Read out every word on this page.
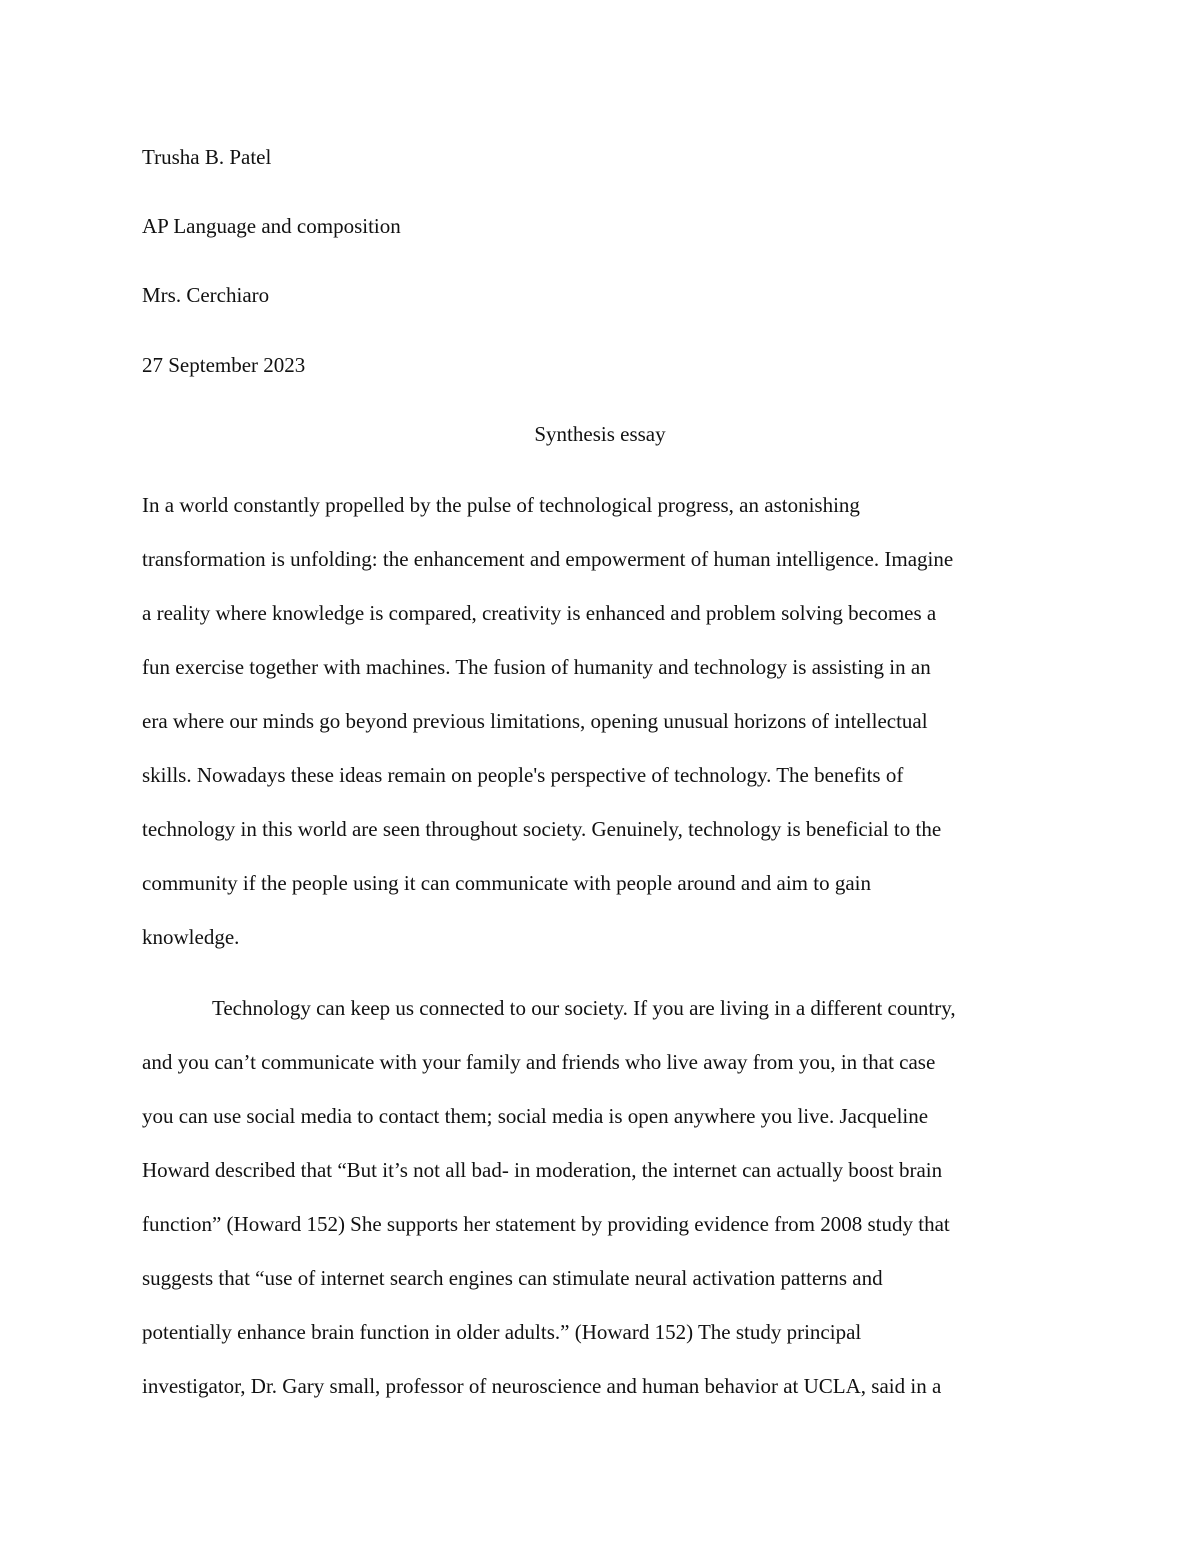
Trusha B. Patel

AP Language and composition

Mrs. Cerchiaro

27 September 2023

Synthesis essay

In a world constantly propelled by the pulse of technological progress, an astonishing

transformation is unfolding: the enhancement and empowerment of human intelligence. Imagine

a reality where knowledge is compared, creativity is enhanced and problem solving becomes a

fun exercise together with machines. The fusion of humanity and technology is assisting in an

era where our minds go beyond previous limitations, opening unusual horizons of intellectual

skills. Nowadays these ideas remain on people's perspective of technology. The benefits of

technology in this world are seen throughout society. Genuinely, technology is beneficial to the

community if the people using it can communicate with people around and aim to gain

knowledge.

Technology can keep us connected to our society. If you are living in a different country,

and you can’t communicate with your family and friends who live away from you, in that case

you can use social media to contact them; social media is open anywhere you live. Jacqueline

Howard described that “But it’s not all bad- in moderation, the internet can actually boost brain

function” (Howard 152) She supports her statement by providing evidence from 2008 study that

suggests that “use of internet search engines can stimulate neural activation patterns and

potentially enhance brain function in older adults.” (Howard 152) The study principal

investigator, Dr. Gary small, professor of neuroscience and human behavior at UCLA, said in a
